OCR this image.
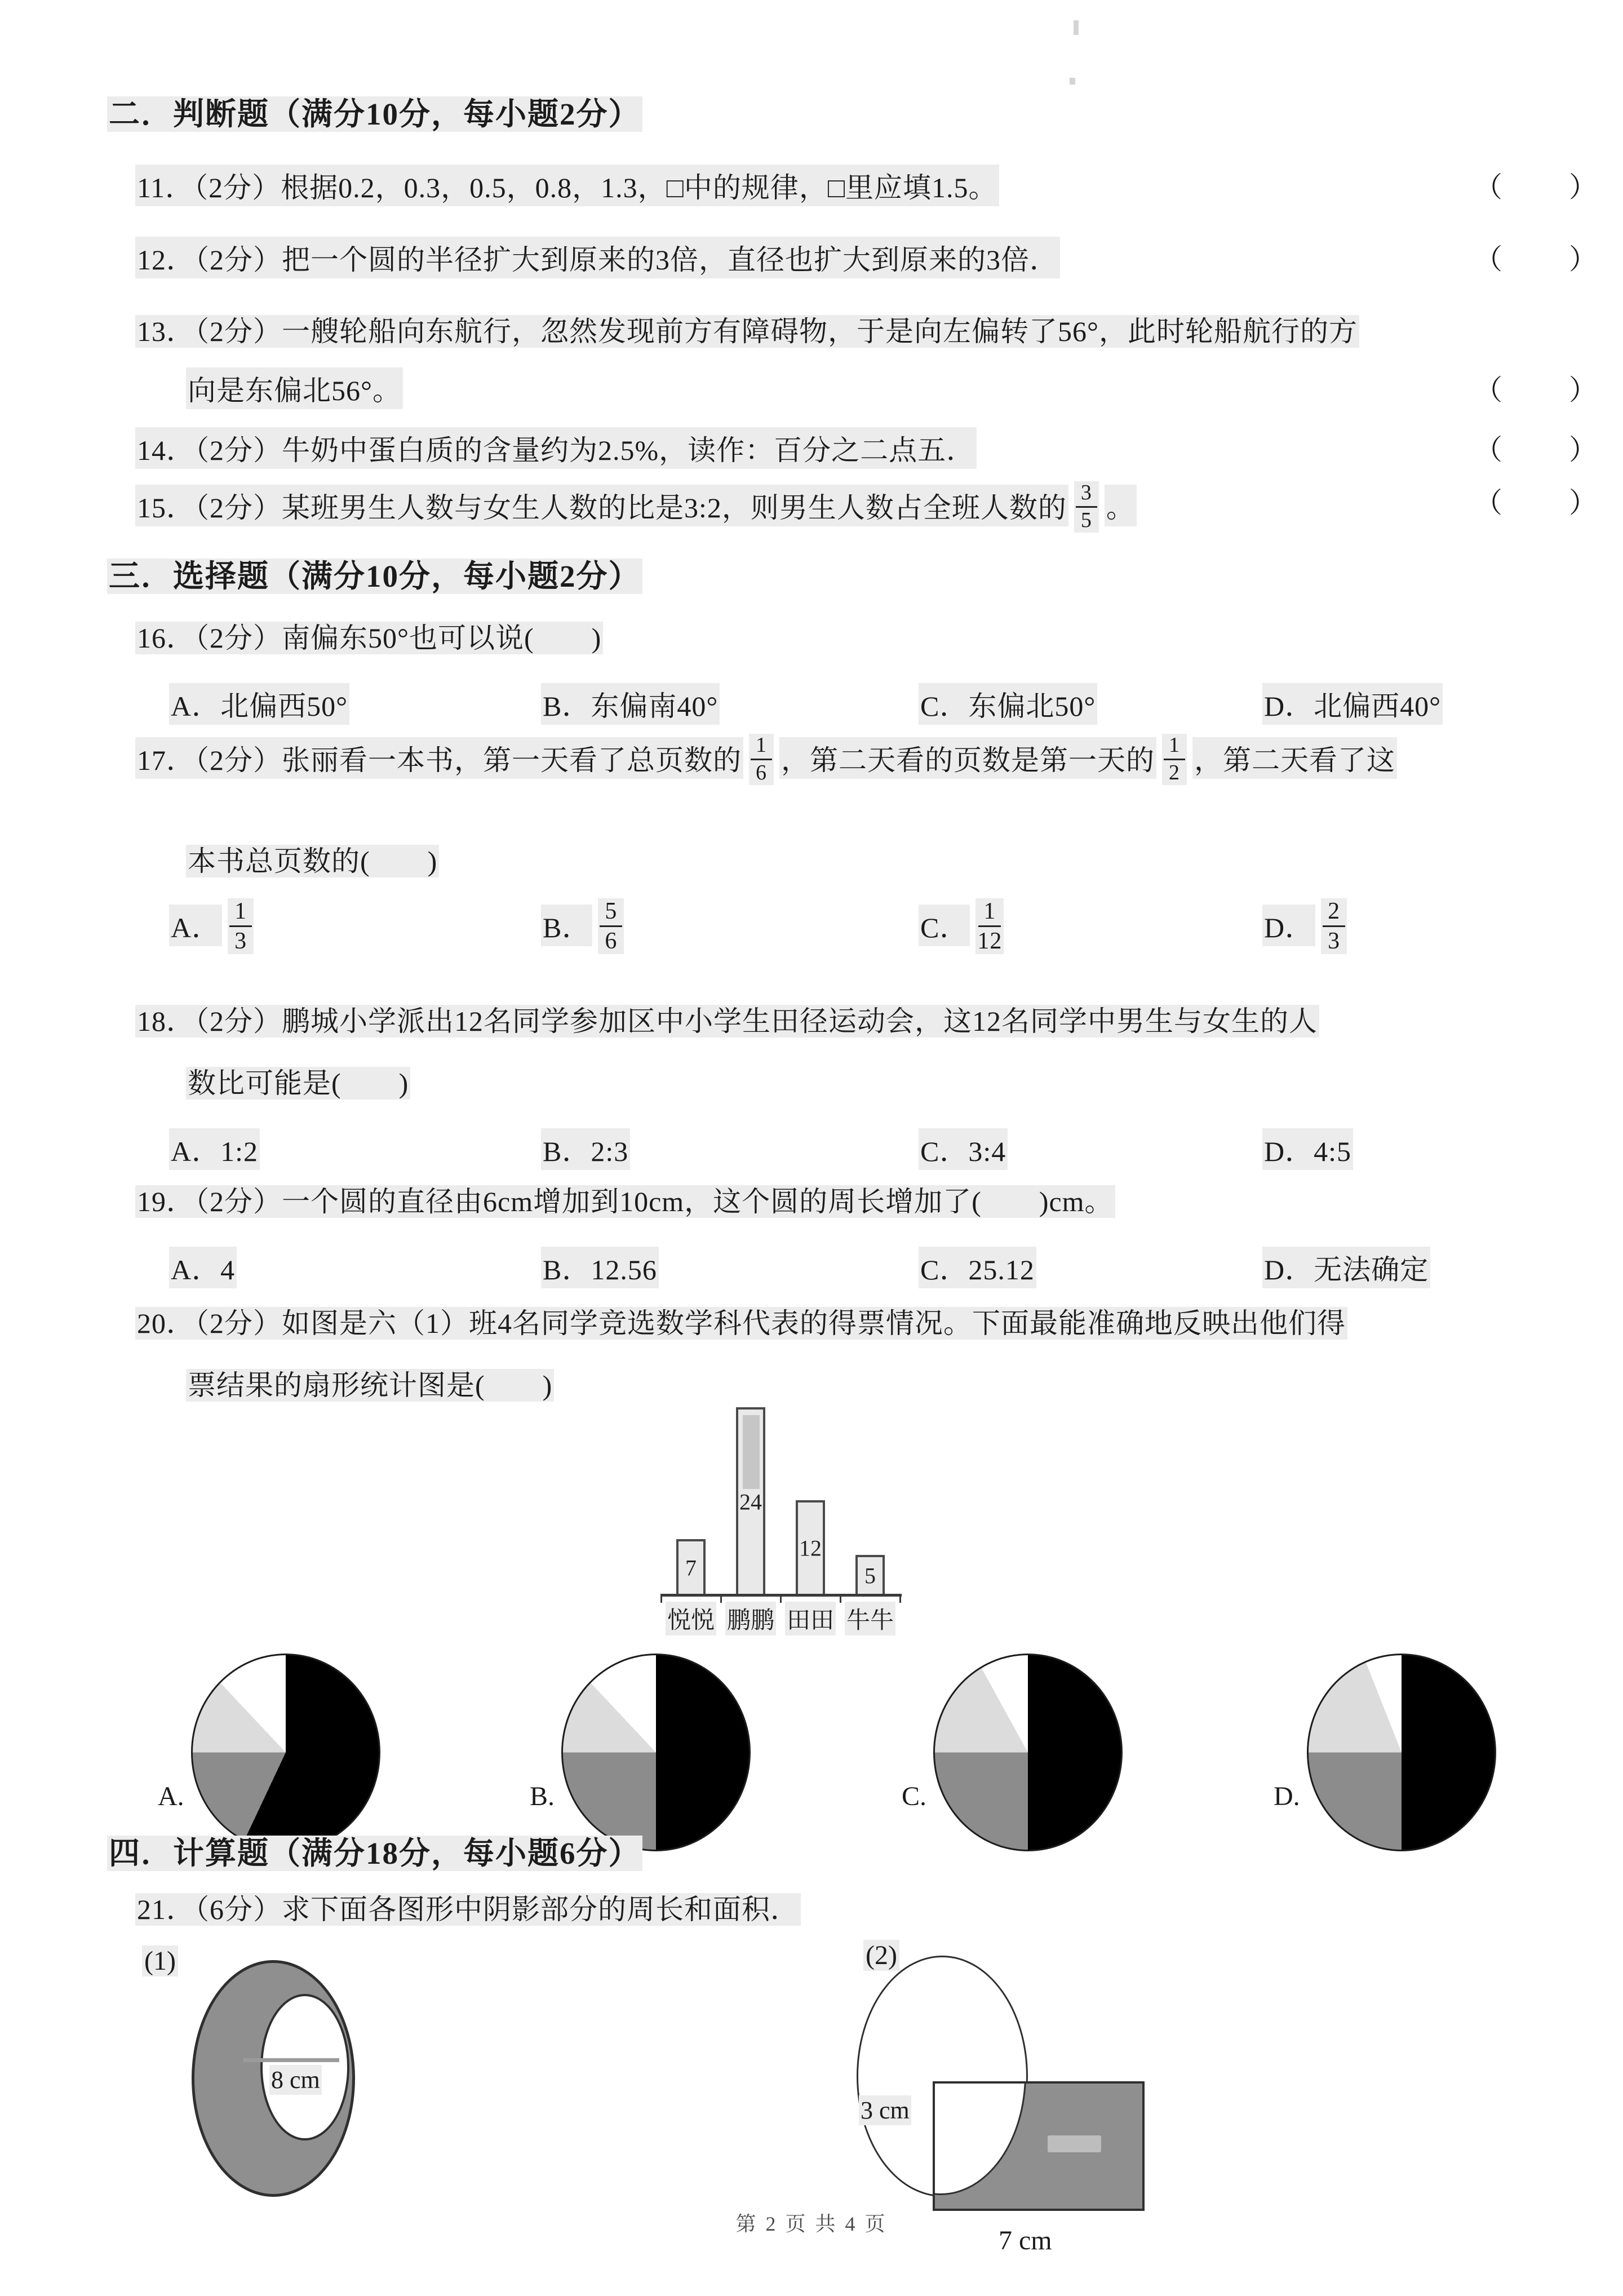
二．判断题（满分10分，每小题2分）
11．（2分）根据0.2，0.3，0.5，0.8，1.3，□中的规律，□里应填1.5。	（　　）
12．（2分）把一个圆的半径扩大到原来的3倍，直径也扩大到原来的3倍．	（　　）
13．（2分）一艘轮船向东航行，忽然发现前方有障碍物，于是向左偏转了56°，此时轮船航行的方
向是东偏北56°。	（　　）
14．（2分）牛奶中蛋白质的含量约为2.5%，读作：百分之二点五．	（　　）
15．（2分）某班男生人数与女生人数的比是3:2，则男生人数占全班人数的 $\frac{3}{5}$ 。	（　　）
三．选择题（满分10分，每小题2分）
16．（2分）南偏东50°也可以说(　　)
A．北偏西50°	B．东偏南40°	C．东偏北50°	D．北偏西40°
17．（2分）张丽看一本书，第一天看了总页数的 $\frac{1}{6}$ ，第二天看的页数是第一天的 $\frac{1}{2}$ ，第二天看了这
本书总页数的(　　)
A． $\frac{1}{3}$	B． $\frac{5}{6}$	C． $\frac{1}{12}$	D． $\frac{2}{3}$
18．（2分）鹏城小学派出12名同学参加区中小学生田径运动会，这12名同学中男生与女生的人
数比可能是(　　)
A．1:2	B．2:3	C．3:4	D．4:5
19．（2分）一个圆的直径由6cm增加到10cm，这个圆的周长增加了(　　)cm。
A．4	B．12.56	C．25.12	D．无法确定
20．（2分）如图是六（1）班4名同学竞选数学科代表的得票情况。下面最能准确地反映出他们得
票结果的扇形统计图是(　　)
7
24
12
5
悦悦 鹏鹏 田田 牛牛
A.	B.	C.	D.
四．计算题（满分18分，每小题6分）
21．（6分）求下面各图形中阴影部分的周长和面积．
(1)
8 cm
(2)
3 cm
7 cm
第 2 页 共 4 页
